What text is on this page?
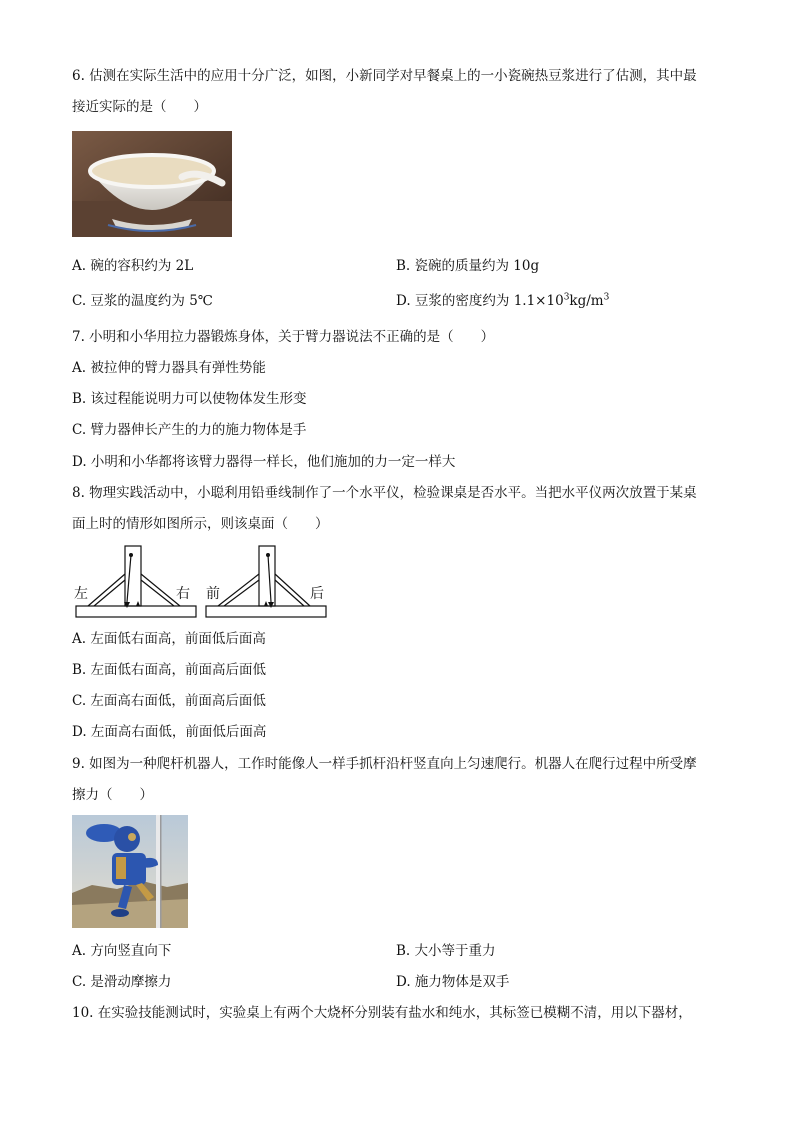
6. 估测在实际生活中的应用十分广泛，如图，小新同学对早餐桌上的一小瓷碗热豆浆进行了估测，其中最
接近实际的是（　　）
A. 碗的容积约为 2L	B. 瓷碗的质量约为 10g
C. 豆浆的温度约为 5℃	D. 豆浆的密度约为 $1.1\times 10^3kg/m^3$
7. 小明和小华用拉力器锻炼身体，关于臂力器说法不正确的是（　　）
A. 被拉伸的臂力器具有弹性势能
B. 该过程能说明力可以使物体发生形变
C. 臂力器伸长产生的力的施力物体是手
D. 小明和小华都将该臂力器得一样长，他们施加的力一定一样大
8. 物理实践活动中，小聪利用铅垂线制作了一个水平仪，检验课桌是否水平。当把水平仪两次放置于某桌
面上时的情形如图所示，则该桌面（　　）
左	右 前	后
A. 左面低右面高，前面低后面高
B. 左面低右面高，前面高后面低
C. 左面高右面低，前面高后面低
D. 左面高右面低，前面低后面高
9. 如图为一种爬杆机器人，工作时能像人一样手抓杆沿杆竖直向上匀速爬行。机器人在爬行过程中所受摩
擦力（　　）
A. 方向竖直向下	B. 大小等于重力
C. 是滑动摩擦力	D. 施力物体是双手
10. 在实验技能测试时，实验桌上有两个大烧杯分别装有盐水和纯水，其标签已模糊不清，用以下器材，
